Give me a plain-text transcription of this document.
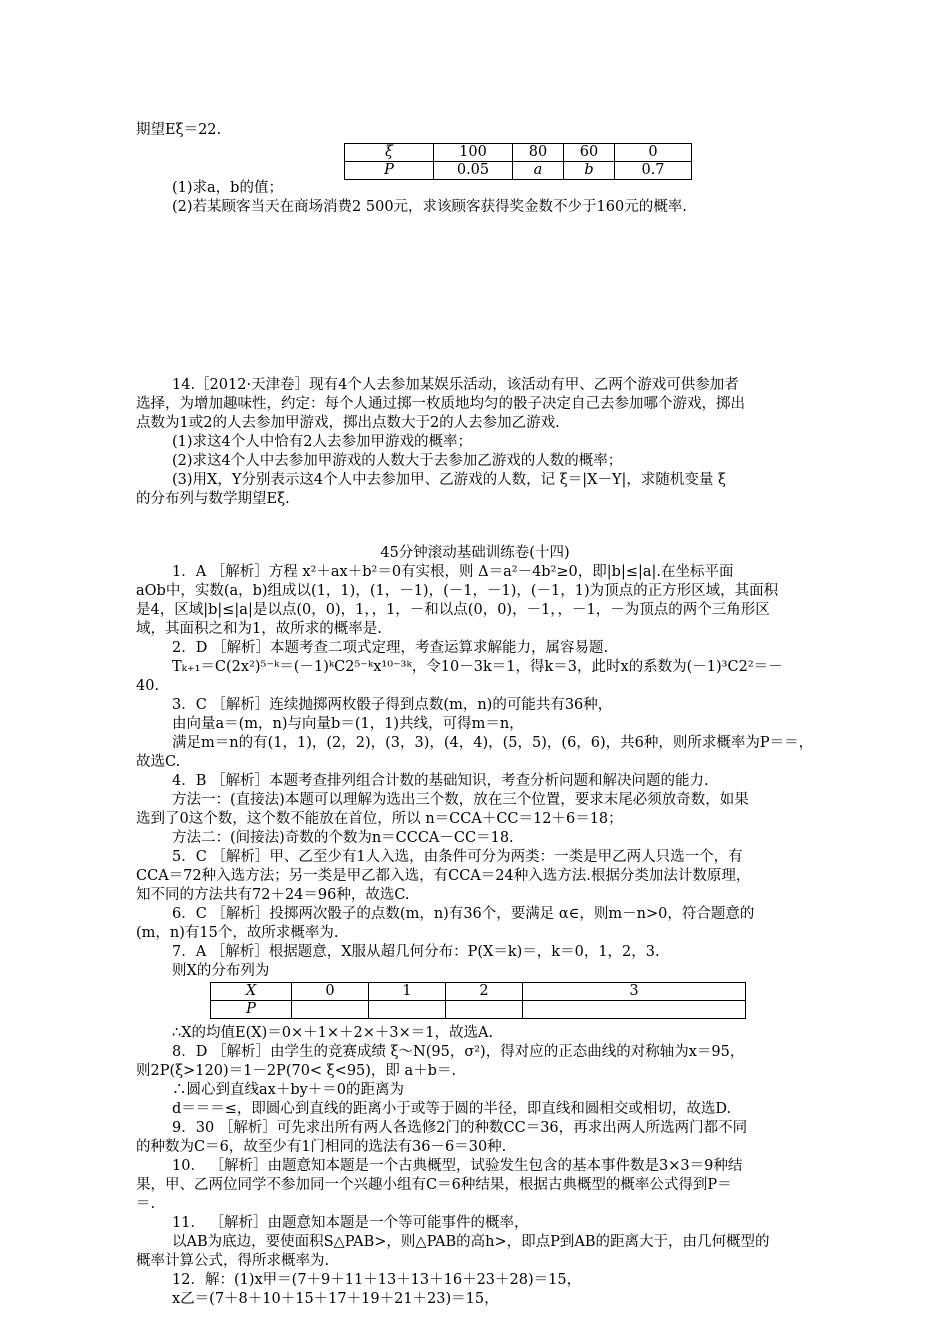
期望Eξ＝22.
ξ	100	80	60	0
P	0.05	a	b	0.7
(1)求a，b的值；
(2)若某顾客当天在商场消费2 500元，求该顾客获得奖金数不少于160元的概率.
14.［2012·天津卷］现有4个人去参加某娱乐活动，该活动有甲、乙两个游戏可供参加者
选择，为增加趣味性，约定：每个人通过掷一枚质地均匀的骰子决定自己去参加哪个游戏，掷出
点数为1或2的人去参加甲游戏，掷出点数大于2的人去参加乙游戏.
(1)求这4个人中恰有2人去参加甲游戏的概率；
(2)求这4个人中去参加甲游戏的人数大于去参加乙游戏的人数的概率；
(3)用X，Y分别表示这4个人中去参加甲、乙游戏的人数，记 ξ＝|X－Y|，求随机变量 ξ
的分布列与数学期望Eξ.
45分钟滚动基础训练卷(十四)
1．A ［解析］方程 x²＋ax＋b²＝0有实根，则 Δ＝a²－4b²≥0，即|b|≤|a|.在坐标平面
aOb中，实数(a，b)组成以(1，1)，(1，－1)，(－1，－1)，(－1，1)为顶点的正方形区域，其面积
是4，区域|b|≤|a|是以点(0，0)，1，，1，－和以点(0，0)，－1，，－1，－为顶点的两个三角形区
域，其面积之和为1，故所求的概率是.
2．D ［解析］本题考查二项式定理，考查运算求解能力，属容易题.
Tₖ₊₁＝C(2x²)⁵⁻ᵏ＝(－1)ᵏC2⁵⁻ᵏx¹⁰⁻³ᵏ，令10－3k＝1，得k＝3，此时x的系数为(－1)³C2²＝－
40.
3．C ［解析］连续抛掷两枚骰子得到点数(m，n)的可能共有36种，
由向量a＝(m，n)与向量b＝(1，1)共线，可得m＝n，
满足m＝n的有(1，1)，(2，2)，(3，3)，(4，4)，(5，5)，(6，6)，共6种，则所求概率为P＝＝，
故选C.
4．B ［解析］本题考查排列组合计数的基础知识，考查分析问题和解决问题的能力.
方法一：(直接法)本题可以理解为选出三个数，放在三个位置，要求末尾必须放奇数，如果
选到了0这个数，这个数不能放在首位，所以 n＝CCA＋CC＝12＋6＝18；
方法二：(间接法)奇数的个数为n＝CCCA－CC＝18.
5．C ［解析］甲、乙至少有1人入选，由条件可分为两类：一类是甲乙两人只选一个，有
CCA＝72种入选方法；另一类是甲乙都入选，有CCA＝24种入选方法.根据分类加法计数原理，
知不同的方法共有72＋24＝96种，故选C.
6．C ［解析］投掷两次骰子的点数(m，n)有36个，要满足 α∈，则m－n>0，符合题意的
(m，n)有15个，故所求概率为.
7．A ［解析］根据题意，X服从超几何分布：P(X＝k)＝，k＝0，1，2，3.
则X的分布列为
X	0	1	2	3
P				
∴X的均值E(X)＝0×＋1×＋2×＋3×＝1，故选A.
8．D ［解析］由学生的竞赛成绩 ξ～N(95，σ²)，得对应的正态曲线的对称轴为x＝95，
则2P(ξ>120)＝1－2P(70< ξ<95)，即 a＋b＝.
∴圆心到直线ax＋by＋＝0的距离为
d＝＝＝≤，即圆心到直线的距离小于或等于圆的半径，即直线和圆相交或相切，故选D.
9．30 ［解析］可先求出所有两人各选修2门的种数CC＝36，再求出两人所选两门都不同
的种数为C＝6，故至少有1门相同的选法有36－6＝30种.
10． ［解析］由题意知本题是一个古典概型，试验发生包含的基本事件数是3×3＝9种结
果，甲、乙两位同学不参加同一个兴趣小组有C＝6种结果，根据古典概型的概率公式得到P＝
＝.
11． ［解析］由题意知本题是一个等可能事件的概率，
以AB为底边，要使面积S△PAB>，则△PAB的高h>，即点P到AB的距离大于，由几何概型的
概率计算公式，得所求概率为.
12．解：(1)x甲＝(7＋9＋11＋13＋13＋16＋23＋28)＝15，
x乙＝(7＋8＋10＋15＋17＋19＋21＋23)＝15，
